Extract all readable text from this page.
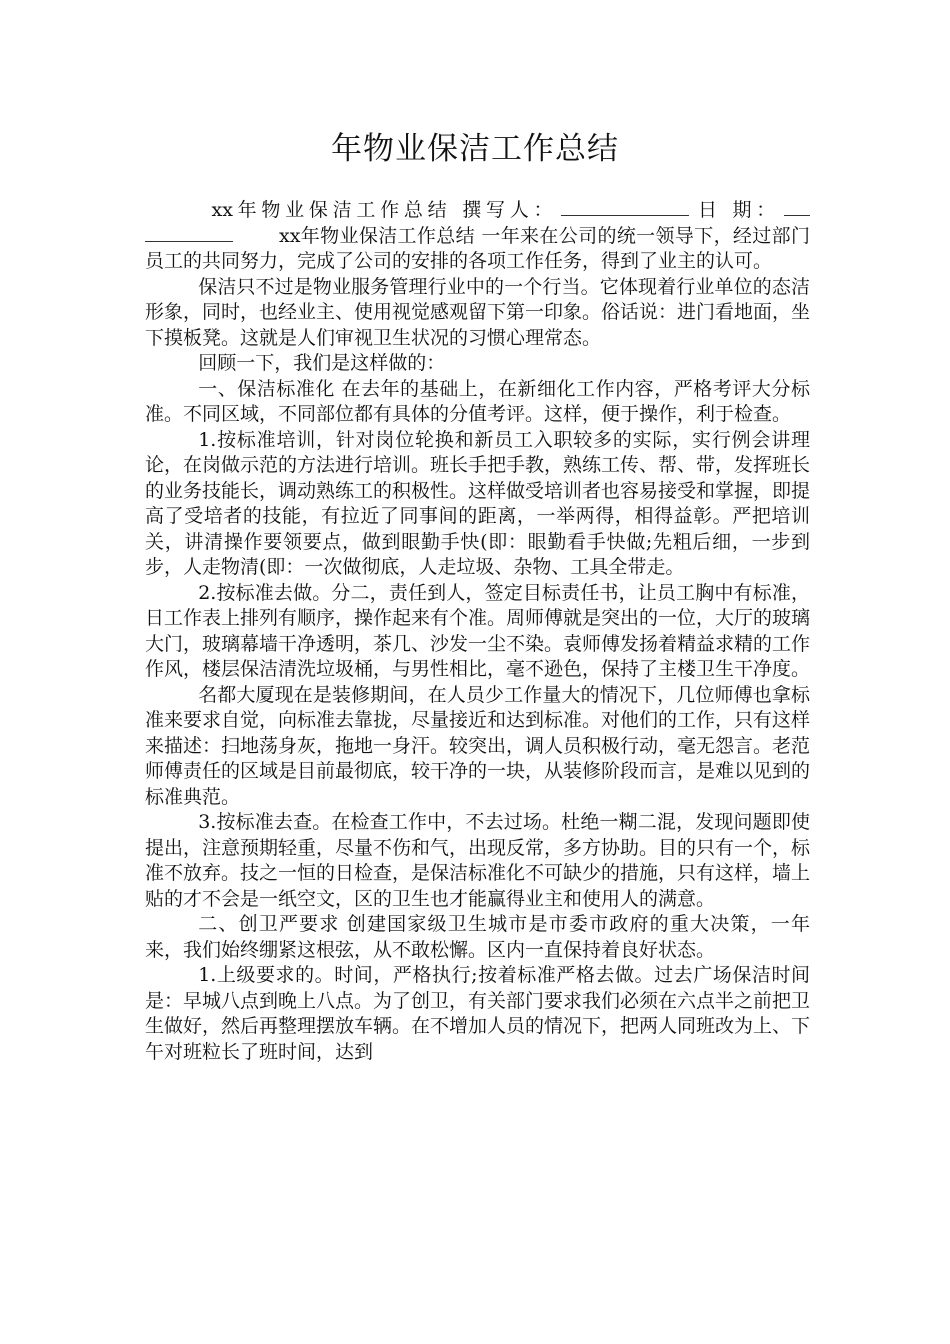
年物业保洁工作总结

xx年物业保洁工作总结 撰写人：	日 期：xx年物业保洁工作总结 一年来在公司的统一领导下，经过部门员工的共同努力，完成了公司的安排的各项工作任务，得到了业主的认可。

保洁只不过是物业服务管理行业中的一个行当。它体现着行业单位的态洁形象，同时，也经业主、使用视觉感观留下第一印象。俗话说：进门看地面，坐下摸板凳。这就是人们审视卫生状况的习惯心理常态。

回顾一下，我们是这样做的：

一、保洁标准化 在去年的基础上，在新细化工作内容，严格考评大分标准。不同区域，不同部位都有具体的分值考评。这样，便于操作，利于检查。

1.按标准培训，针对岗位轮换和新员工入职较多的实际，实行例会讲理论，在岗做示范的方法进行培训。班长手把手教，熟练工传、帮、带，发挥班长的业务技能长，调动熟练工的积极性。这样做受培训者也容易接受和掌握，即提高了受培者的技能，有拉近了同事间的距离，一举两得，相得益彰。严把培训关，讲清操作要领要点，做到眼勤手快(即：眼勤看手快做;先粗后细，一步到步，人走物清(即：一次做彻底，人走垃圾、杂物、工具全带走。

2.按标准去做。分二，责任到人，签定目标责任书，让员工胸中有标准，日工作表上排列有顺序，操作起来有个准。周师傅就是突出的一位，大厅的玻璃大门，玻璃幕墙干净透明，茶几、沙发一尘不染。袁师傅发扬着精益求精的工作作风，楼层保洁清洗垃圾桶，与男性相比，毫不逊色，保持了主楼卫生干净度。

名都大厦现在是装修期间，在人员少工作量大的情况下，几位师傅也拿标准来要求自觉，向标准去靠拢，尽量接近和达到标准。对他们的工作，只有这样来描述：扫地荡身灰，拖地一身汗。较突出，调人员积极行动，毫无怨言。老范师傅责任的区域是目前最彻底，较干净的一块，从装修阶段而言，是难以见到的标准典范。

3.按标准去查。在检查工作中，不去过场。杜绝一糊二混，发现问题即使提出，注意预期轻重，尽量不伤和气，出现反常，多方协助。目的只有一个，标准不放弃。技之一恒的日检查，是保洁标准化不可缺少的措施，只有这样，墙上贴的才不会是一纸空文，区的卫生也才能赢得业主和使用人的满意。

二、创卫严要求 创建国家级卫生城市是市委市政府的重大决策，一年来，我们始终绷紧这根弦，从不敢松懈。区内一直保持着良好状态。

1.上级要求的。时间，严格执行;按着标准严格去做。过去广场保洁时间是：早城八点到晚上八点。为了创卫，有关部门要求我们必须在六点半之前把卫生做好，然后再整理摆放车辆。在不增加人员的情况下，把两人同班改为上、下午对班粒长了班时间，达到
